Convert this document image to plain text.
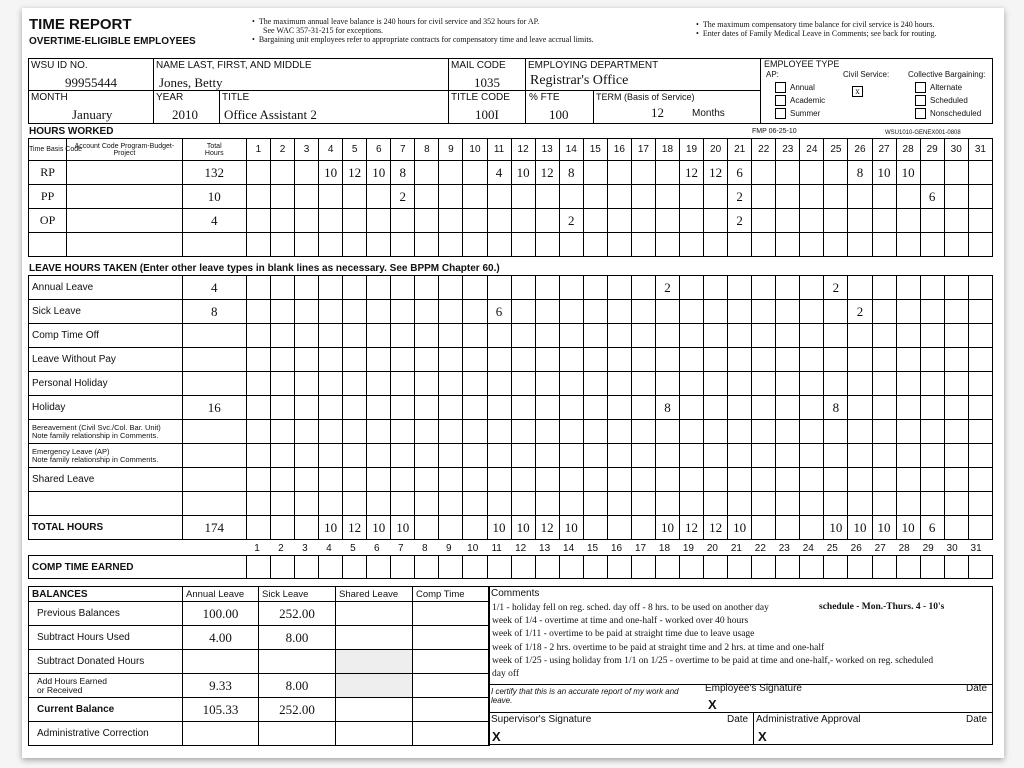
TIME REPORT
OVERTIME-ELIGIBLE EMPLOYEES
•  The maximum annual leave balance is 240 hours for civil service and 352 hours for AP.
See WAC 357-31-215 for exceptions.
•  Bargaining unit employees refer to appropriate contracts for compensatory time and leave accrual limits.
•  The maximum compensatory time balance for civil service is 240 hours.
•  Enter dates of Family Medical Leave in Comments; see back for routing.
WSU ID NO.
99955444
NAME LAST, FIRST, AND MIDDLE
Jones, Betty
MAIL CODE
1035
EMPLOYING DEPARTMENT
Registrar's Office
MONTH
January
YEAR
2010
TITLE
Office Assistant 2
TITLE CODE
100I
% FTE
100
TERM (Basis of Service)
12	Months
EMPLOYEE TYPE
AP:
Annual
Academic
Summer
Civil Service:
x
Collective Bargaining:
Alternate
Scheduled
Nonscheduled
HOURS WORKED	FMP 06-25-10	WSU1010-GENEX001-0808
Time Basis Code	Account Code Program-Budget-Project	Total Hours	1	2	3	4	5	6	7	8	9	10	11	12	13	14	15	16	17	18	19	20	21	22	23	24	25	26	27	28	29	30	31
RP		132				10	12	10	8				4	10	12	8					12	12	6					8	10	10			
PP		10							2														2								6		
OP		4														2							2										

LEAVE HOURS TAKEN (Enter other leave types in blank lines as necessary. See BPPM Chapter 60.)
Annual Leave	4																		2							2						
Sick Leave	8											6															2					
Comp Time Off																																
Leave Without Pay																																
Personal Holiday																																
Holiday	16																		8							8						

Bereavement (Civil Svc./Col. Bar. Unit)
Note family relationship in Comments.																																

Emergency Leave (AP)
Note family relationship in Comments.																																

Shared Leave																																

TOTAL HOURS	174				10	12	10	10				10	10	12	10				10	12	12	10				10	10	10	10	6		
1	2	3	4	5	6	7	8	9	10	11	12	13	14	15	16	17	18	19	20	21	22	23	24	25	26	27	28	29	30	31
COMP TIME EARNED																															
BALANCES	Annual Leave	Sick Leave	Shared Leave	Comp Time
Previous Balances	100.00	252.00		
Subtract Hours Used	4.00	8.00		
Subtract Donated Hours				

Add Hours Earned
or Received	9.33	8.00		
Current Balance	105.33	252.00		
Administrative Correction				
Comments
1/1 - holiday fell on reg. sched. day off - 8 hrs. to be used on another day
week of 1/4 - overtime at time and one-half - worked over 40 hours
week of 1/11 - overtime to be paid at straight time due to leave usage
week of 1/18 - 2 hrs. overtime to be paid at straight time and 2 hrs. at time and one-half
week of 1/25 - using holiday from 1/1 on 1/25 - overtime to be paid at time and one-half,- worked on reg. scheduled
day off
schedule - Mon.-Thurs. 4 - 10's
I certify that this is an accurate report of my work and leave.
Employee's Signature	Date
X
Supervisor's Signature	Date
X
Administrative Approval	Date
X
